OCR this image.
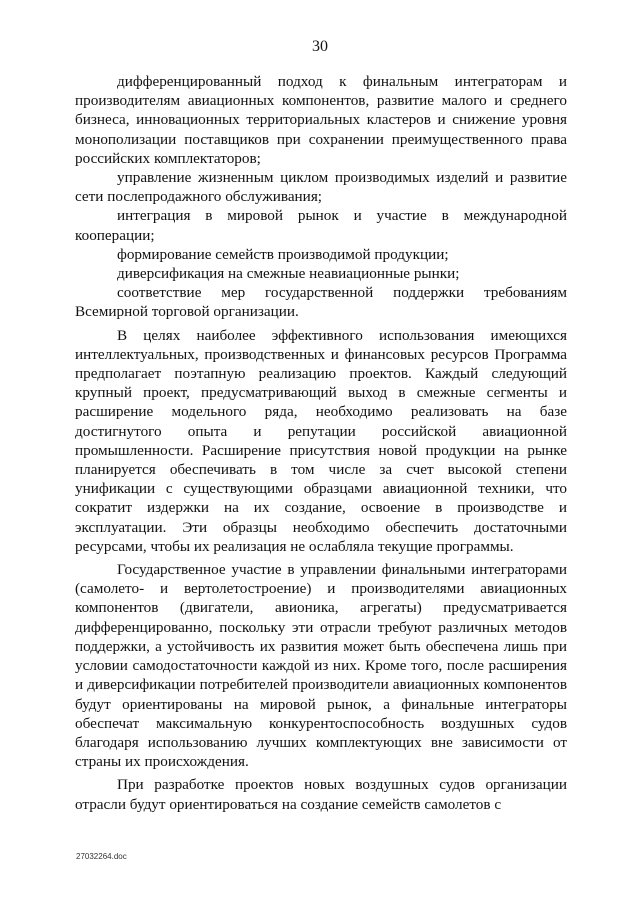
30

дифференцированный подход к финальным интеграторам и производителям авиационных компонентов, развитие малого и среднего бизнеса, инновационных территориальных кластеров и снижение уровня монополизации поставщиков при сохранении преимущественного права российских комплектаторов;

управление жизненным циклом производимых изделий и развитие сети послепродажного обслуживания;

интеграция в мировой рынок и участие в международной кооперации;

формирование семейств производимой продукции;

диверсификация на смежные неавиационные рынки;

соответствие мер государственной поддержки требованиям Всемирной торговой организации.

В целях наиболее эффективного использования имеющихся интеллектуальных, производственных и финансовых ресурсов Программа предполагает поэтапную реализацию проектов. Каждый следующий крупный проект, предусматривающий выход в смежные сегменты и расширение модельного ряда, необходимо реализовать на базе достигнутого опыта и репутации российской авиационной промышленности. Расширение присутствия новой продукции на рынке планируется обеспечивать в том числе за счет высокой степени унификации с существующими образцами авиационной техники, что сократит издержки на их создание, освоение в производстве и эксплуатации. Эти образцы необходимо обеспечить достаточными ресурсами, чтобы их реализация не ослабляла текущие программы.

Государственное участие в управлении финальными интеграторами (самолето- и вертолетостроение) и производителями авиационных компонентов (двигатели, авионика, агрегаты) предусматривается дифференцированно, поскольку эти отрасли требуют различных методов поддержки, а устойчивость их развития может быть обеспечена лишь при условии самодостаточности каждой из них. Кроме того, после расширения и диверсификации потребителей производители авиационных компонентов будут ориентированы на мировой рынок, а финальные интеграторы обеспечат максимальную конкурентоспособность воздушных судов благодаря использованию лучших комплектующих вне зависимости от страны их происхождения.

При разработке проектов новых воздушных судов организации отрасли будут ориентироваться на создание семейств самолетов с

27032264.doc
